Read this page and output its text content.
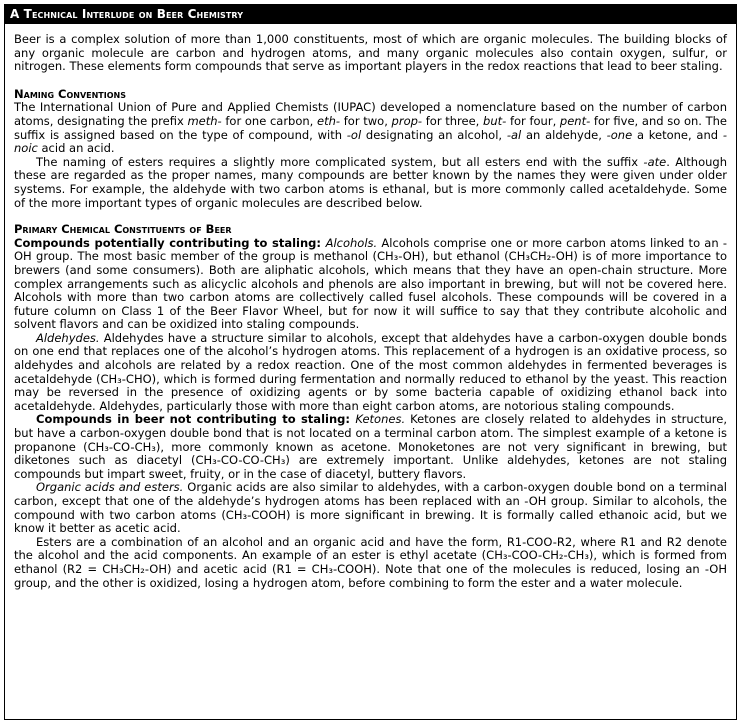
A Technical Interlude on Beer Chemistry

Beer is a complex solution of more than 1,000 constituents, most of which are organic molecules. The building blocks of any organic molecule are carbon and hydrogen atoms, and many organic molecules also contain oxygen, sulfur, or nitrogen. These elements form compounds that serve as important players in the redox reactions that lead to beer staling.

Naming Conventions

The International Union of Pure and Applied Chemists (IUPAC) developed a nomenclature based on the number of carbon atoms, designating the prefix meth- for one carbon, eth- for two, prop- for three, but- for four, pent- for five, and so on. The suffix is assigned based on the type of compound, with -ol designating an alcohol, -al an aldehyde, -one a ketone, and -noic acid an acid.

The naming of esters requires a slightly more complicated system, but all esters end with the suffix -ate. Although these are regarded as the proper names, many compounds are better known by the names they were given under older systems. For example, the aldehyde with two carbon atoms is ethanal, but is more commonly called acetaldehyde. Some of the more important types of organic molecules are described below.

Primary Chemical Constituents of Beer

Compounds potentially contributing to staling: Alcohols. Alcohols comprise one or more carbon atoms linked to an -OH group. The most basic member of the group is methanol (CH₃-OH), but ethanol (CH₃CH₂-OH) is of more importance to brewers (and some consumers). Both are aliphatic alcohols, which means that they have an open-chain structure. More complex arrangements such as alicyclic alcohols and phenols are also important in brewing, but will not be covered here. Alcohols with more than two carbon atoms are collectively called fusel alcohols. These compounds will be covered in a future column on Class 1 of the Beer Flavor Wheel, but for now it will suffice to say that they contribute alcoholic and solvent flavors and can be oxidized into staling compounds.

Aldehydes. Aldehydes have a structure similar to alcohols, except that aldehydes have a carbon-oxygen double bonds on one end that replaces one of the alcohol’s hydrogen atoms. This replacement of a hydrogen is an oxidative process, so aldehydes and alcohols are related by a redox reaction. One of the most common aldehydes in fermented beverages is acetaldehyde (CH₃-CHO), which is formed during fermentation and normally reduced to ethanol by the yeast. This reaction may be reversed in the presence of oxidizing agents or by some bacteria capable of oxidizing ethanol back into acetaldehyde. Aldehydes, particularly those with more than eight carbon atoms, are notorious staling compounds.

Compounds in beer not contributing to staling: Ketones. Ketones are closely related to aldehydes in structure, but have a carbon-oxygen double bond that is not located on a terminal carbon atom. The simplest example of a ketone is propanone (CH₃-CO-CH₃), more commonly known as acetone. Monoketones are not very significant in brewing, but diketones such as diacetyl (CH₃-CO-CO-CH₃) are extremely important. Unlike aldehydes, ketones are not staling compounds but impart sweet, fruity, or in the case of diacetyl, buttery flavors.

Organic acids and esters. Organic acids are also similar to aldehydes, with a carbon-oxygen double bond on a terminal carbon, except that one of the aldehyde’s hydrogen atoms has been replaced with an -OH group. Similar to alcohols, the compound with two carbon atoms (CH₃-COOH) is more significant in brewing. It is formally called ethanoic acid, but we know it better as acetic acid.

Esters are a combination of an alcohol and an organic acid and have the form, R1-COO-R2, where R1 and R2 denote the alcohol and the acid components. An example of an ester is ethyl acetate (CH₃-COO-CH₂-CH₃), which is formed from ethanol (R2 = CH₃CH₂-OH) and acetic acid (R1 = CH₃-COOH). Note that one of the molecules is reduced, losing an -OH group, and the other is oxidized, losing a hydrogen atom, before combining to form the ester and a water molecule.
